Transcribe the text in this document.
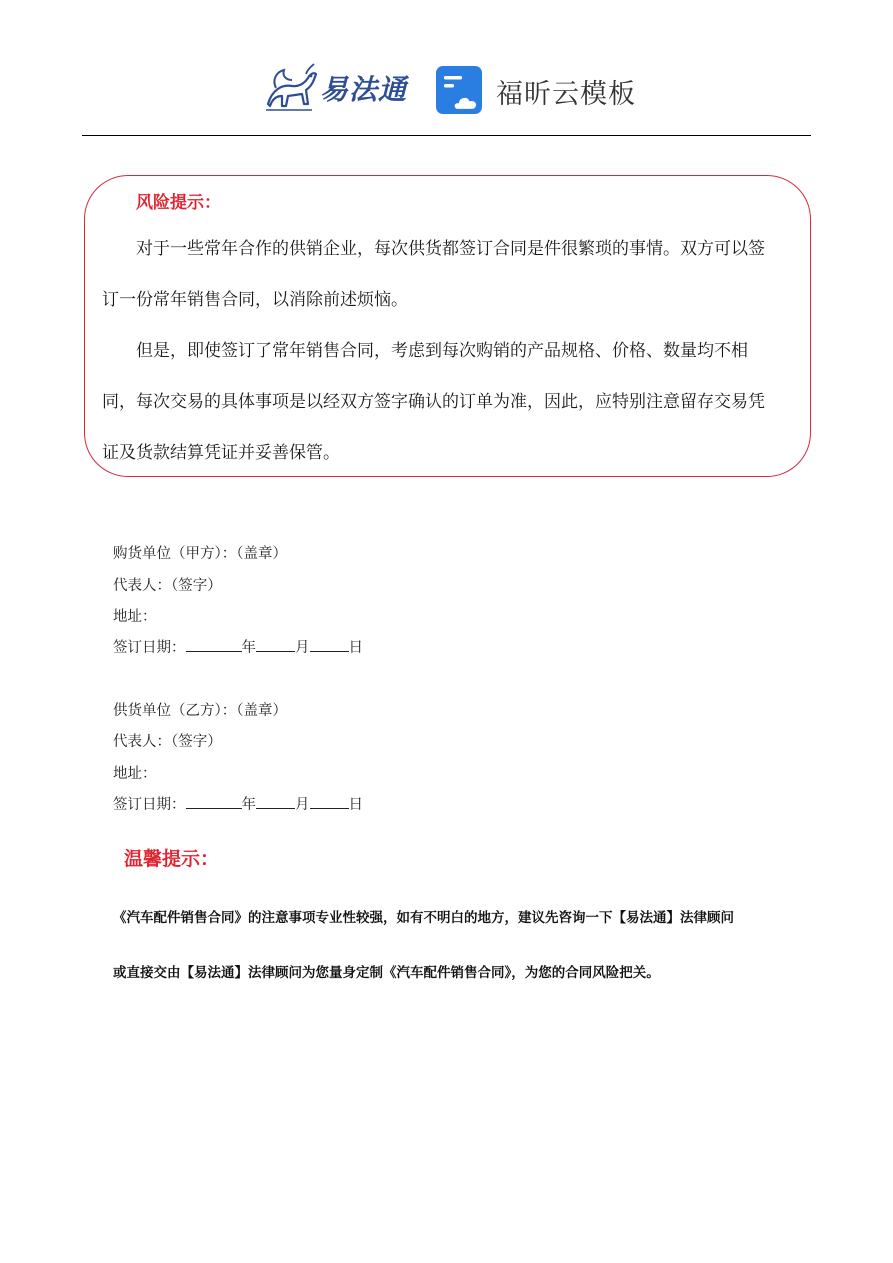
易法通	福昕云模板
风险提示：

对于一些常年合作的供销企业，每次供货都签订合同是件很繁琐的事情。双方可以签订一份常年销售合同，以消除前述烦恼。

但是，即使签订了常年销售合同，考虑到每次购销的产品规格、价格、数量均不相同，每次交易的具体事项是以经双方签字确认的订单为准，因此，应特别注意留存交易凭证及货款结算凭证并妥善保管。

购货单位（甲方）：（盖章）
代表人：（签字）
地址：
签订日期：	年	月	日
供货单位（乙方）：（盖章）
代表人：（签字）
地址：
签订日期：	年	月	日
温馨提示：
《汽车配件销售合同》的注意事项专业性较强，如有不明白的地方，建议先咨询一下【易法通】法律顾问
或直接交由【易法通】法律顾问为您量身定制《汽车配件销售合同》，为您的合同风险把关。
